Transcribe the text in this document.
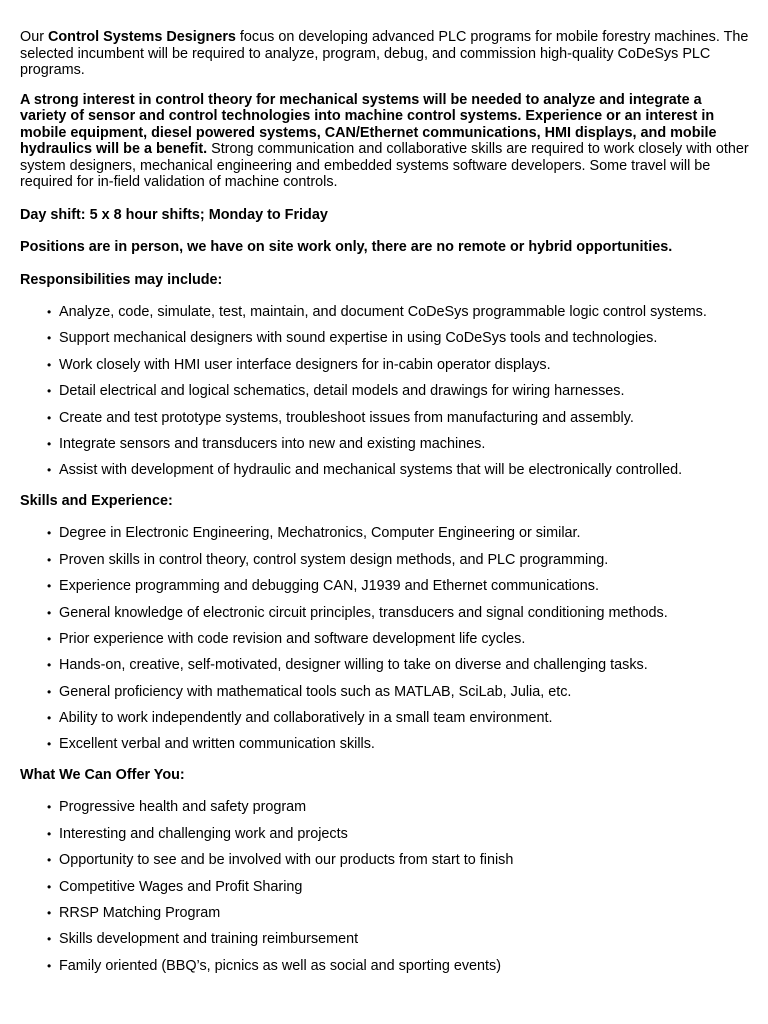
Our Control Systems Designers focus on developing advanced PLC programs for mobile forestry machines. The selected incumbent will be required to analyze, program, debug, and commission high-quality CoDeSys PLC programs.

A strong interest in control theory for mechanical systems will be needed to analyze and integrate a variety of sensor and control technologies into machine control systems. Experience or an interest in mobile equipment, diesel powered systems, CAN/Ethernet communications, HMI displays, and mobile hydraulics will be a benefit. Strong communication and collaborative skills are required to work closely with other system designers, mechanical engineering and embedded systems software developers. Some travel will be required for in-field validation of machine controls.

Day shift: 5 x 8 hour shifts; Monday to Friday

Positions are in person, we have on site work only, there are no remote or hybrid opportunities.

Responsibilities may include:

• Analyze, code, simulate, test, maintain, and document CoDeSys programmable logic control systems.
• Support mechanical designers with sound expertise in using CoDeSys tools and technologies.
• Work closely with HMI user interface designers for in-cabin operator displays.
• Detail electrical and logical schematics, detail models and drawings for wiring harnesses.
• Create and test prototype systems, troubleshoot issues from manufacturing and assembly.
• Integrate sensors and transducers into new and existing machines.
• Assist with development of hydraulic and mechanical systems that will be electronically controlled.

Skills and Experience:

• Degree in Electronic Engineering, Mechatronics, Computer Engineering or similar.
• Proven skills in control theory, control system design methods, and PLC programming.
• Experience programming and debugging CAN, J1939 and Ethernet communications.
• General knowledge of electronic circuit principles, transducers and signal conditioning methods.
• Prior experience with code revision and software development life cycles.
• Hands-on, creative, self-motivated, designer willing to take on diverse and challenging tasks.
• General proficiency with mathematical tools such as MATLAB, SciLab, Julia, etc.
• Ability to work independently and collaboratively in a small team environment.
• Excellent verbal and written communication skills.

What We Can Offer You:

• Progressive health and safety program
• Interesting and challenging work and projects
• Opportunity to see and be involved with our products from start to finish
• Competitive Wages and Profit Sharing
• RRSP Matching Program
• Skills development and training reimbursement
• Family oriented (BBQ’s, picnics as well as social and sporting events)
